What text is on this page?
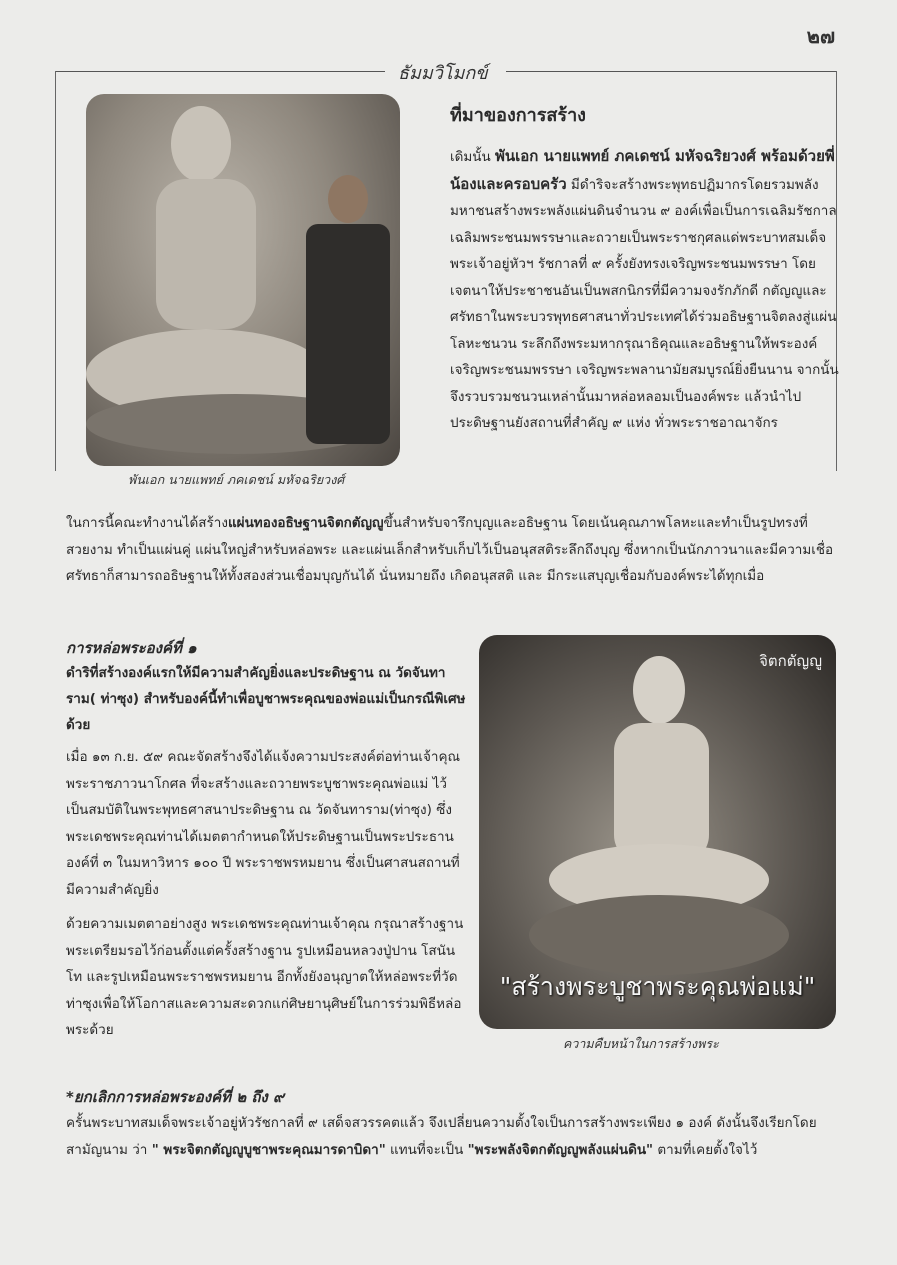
๒๗
ธัมมวิโมกข์
พันเอก นายแพทย์ ภคเดชน์ มหัจฉริยวงศ์
ที่มาของการสร้าง

เดิมนั้น พันเอก นายแพทย์ ภคเดชน์ มหัจฉริยวงศ์ พร้อมด้วยพี่ น้องและครอบครัว มีดำริจะสร้างพระพุทธปฏิมากรโดยรวมพลังมหาชนสร้างพระพลังแผ่นดินจำนวน ๙ องค์เพื่อเป็นการเฉลิมรัชกาล เฉลิมพระชนมพรรษาและถวายเป็นพระราชกุศลแด่พระบาทสมเด็จพระเจ้าอยู่หัวฯ รัชกาลที่ ๙ ครั้งยังทรงเจริญพระชนมพรรษา โดยเจตนาให้ประชาชนอันเป็นพสกนิกรที่มีความจงรักภักดี กตัญญูและศรัทธาในพระบวรพุทธศาสนาทั่วประเทศได้ร่วมอธิษฐานจิตลงสู่แผ่นโลหะชนวน ระลึกถึงพระมหากรุณาธิคุณและอธิษฐานให้พระองค์เจริญพระชนมพรรษา เจริญพระพลานามัยสมบูรณ์ยิ่งยืนนาน จากนั้นจึงรวบรวมชนวนเหล่านั้นมาหล่อหลอมเป็นองค์พระ แล้วนำไปประดิษฐานยังสถานที่สำคัญ ๙ แห่ง ทั่วพระราชอาณาจักร

ในการนี้คณะทำงานได้สร้างแผ่นทองอธิษฐานจิตกตัญญูขึ้นสำหรับจารึกบุญและอธิษฐาน โดยเน้นคุณภาพโลหะและทำเป็นรูปทรงที่สวยงาม ทำเป็นแผ่นคู่ แผ่นใหญ่สำหรับหล่อพระ และแผ่นเล็กสำหรับเก็บไว้เป็นอนุสสติระลึกถึงบุญ ซึ่งหากเป็นนักภาวนาและมีความเชื่อศรัทธาก็สามารถอธิษฐานให้ทั้งสองส่วนเชื่อมบุญกันได้ นั่นหมายถึง เกิดอนุสสติ และ มีกระแสบุญเชื่อมกับองค์พระได้ทุกเมื่อ

การหล่อพระองค์ที่ ๑
ดำริที่สร้างองค์แรกให้มีความสำคัญยิ่งและประดิษฐาน ณ วัดจันทาราม( ท่าซุง) สำหรับองค์นี้ทำเพื่อบูชาพระคุณของพ่อแม่เป็นกรณีพิเศษด้วย

เมื่อ ๑๓ ก.ย. ๕๙ คณะจัดสร้างจึงได้แจ้งความประสงค์ต่อท่านเจ้าคุณ พระราชภาวนาโกศล ที่จะสร้างและถวายพระบูชาพระคุณพ่อแม่ ไว้เป็นสมบัติในพระพุทธศาสนาประดิษฐาน ณ วัดจันทาราม(ท่าซุง) ซึ่งพระเดชพระคุณท่านได้เมตตากำหนดให้ประดิษฐานเป็นพระประธานองค์ที่ ๓ ในมหาวิหาร ๑๐๐ ปี พระราชพรหมยาน ซึ่งเป็นศาสนสถานที่มีความสำคัญยิ่ง

ด้วยความเมตตาอย่างสูง พระเดชพระคุณท่านเจ้าคุณ กรุณาสร้างฐานพระเตรียมรอไว้ก่อนตั้งแต่ครั้งสร้างฐาน รูปเหมือนหลวงปู่ปาน โสนันโท และรูปเหมือนพระราชพรหมยาน อีกทั้งยังอนุญาตให้หล่อพระที่วัดท่าซุงเพื่อให้โอกาสและความสะดวกแก่ศิษยานุศิษย์ในการร่วมพิธีหล่อพระด้วย

จิตกตัญญู
"สร้างพระบูชาพระคุณพ่อแม่"
ความคืบหน้าในการสร้างพระ
*ยกเลิกการหล่อพระองค์ที่ ๒ ถึง ๙

ครั้นพระบาทสมเด็จพระเจ้าอยู่หัวรัชกาลที่ ๙ เสด็จสวรรคตแล้ว จึงเปลี่ยนความตั้งใจเป็นการสร้างพระเพียง ๑ องค์ ดังนั้นจึงเรียกโดยสามัญนาม ว่า " พระจิตกตัญญูบูชาพระคุณมารดาบิดา" แทนที่จะเป็น "พระพลังจิตกตัญญูพลังแผ่นดิน" ตามที่เคยตั้งใจไว้
